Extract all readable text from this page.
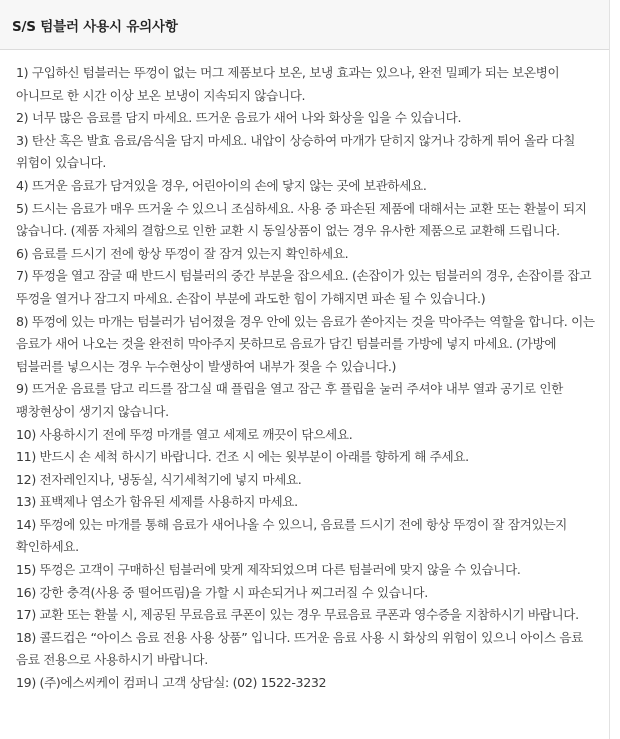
S/S 텀블러 사용시 유의사항
1) 구입하신 텀블러는 뚜껑이 없는 머그 제품보다 보온, 보냉 효과는 있으나, 완전 밀폐가 되는 보온병이 아니므로 한 시간 이상 보온 보냉이 지속되지 않습니다.
2) 너무 많은 음료를 담지 마세요. 뜨거운 음료가 새어 나와 화상을 입을 수 있습니다.
3) 탄산 혹은 발효 음료/음식을 담지 마세요. 내압이 상승하여 마개가 닫히지 않거나 강하게 튀어 올라 다칠 위험이 있습니다.
4) 뜨거운 음료가 담겨있을 경우, 어린아이의 손에 닿지 않는 곳에 보관하세요.
5) 드시는 음료가 매우 뜨거울 수 있으니 조심하세요. 사용 중 파손된 제품에 대해서는 교환 또는 환불이 되지 않습니다. (제품 자체의 결함으로 인한 교환 시 동일상품이 없는 경우 유사한 제품으로 교환해 드립니다.
6) 음료를 드시기 전에 항상 뚜껑이 잘 잠겨 있는지 확인하세요.
7) 뚜껑을 열고 잠글 때 반드시 텀블러의 중간 부분을 잡으세요. (손잡이가 있는 텀블러의 경우, 손잡이를 잡고 뚜껑을 열거나 잠그지 마세요. 손잡이 부분에 과도한 힘이 가해지면 파손 될 수 있습니다.)
8) 뚜껑에 있는 마개는 텀블러가 넘어졌을 경우 안에 있는 음료가 쏟아지는 것을 막아주는 역할을 합니다. 이는 음료가 새어 나오는 것을 완전히 막아주지 못하므로 음료가 담긴 텀블러를 가방에 넣지 마세요. (가방에 텀블러를 넣으시는 경우 누수현상이 발생하여 내부가 젖을 수 있습니다.)
9) 뜨거운 음료를 담고 리드를 잠그실 때 플립을 열고 잠근 후 플립을 눌러 주셔야 내부 열과 공기로 인한 팽창현상이 생기지 않습니다.
10) 사용하시기 전에 뚜껑 마개를 열고 세제로 깨끗이 닦으세요.
11) 반드시 손 세척 하시기 바랍니다. 건조 시 에는 윗부분이 아래를 향하게 해 주세요.
12) 전자레인지나, 냉동실, 식기세척기에 넣지 마세요.
13) 표백제나 염소가 함유된 세제를 사용하지 마세요.
14) 뚜껑에 있는 마개를 통해 음료가 새어나올 수 있으니, 음료를 드시기 전에 항상 뚜껑이 잘 잠겨있는지 확인하세요.
15) 뚜껑은 고객이 구매하신 텀블러에 맞게 제작되었으며 다른 텀블러에 맞지 않을 수 있습니다.
16) 강한 충격(사용 중 떨어뜨림)을 가할 시 파손되거나 찌그러질 수 있습니다.
17) 교환 또는 환불 시, 제공된 무료음료 쿠폰이 있는 경우 무료음료 쿠폰과 영수증을 지참하시기 바랍니다.
18) 콜드컵은 “아이스 음료 전용 사용 상품” 입니다. 뜨거운 음료 사용 시 화상의 위험이 있으니 아이스 음료 음료 전용으로 사용하시기 바랍니다.
19) (주)에스씨케이 컴퍼니 고객 상담실: (02) 1522-3232
